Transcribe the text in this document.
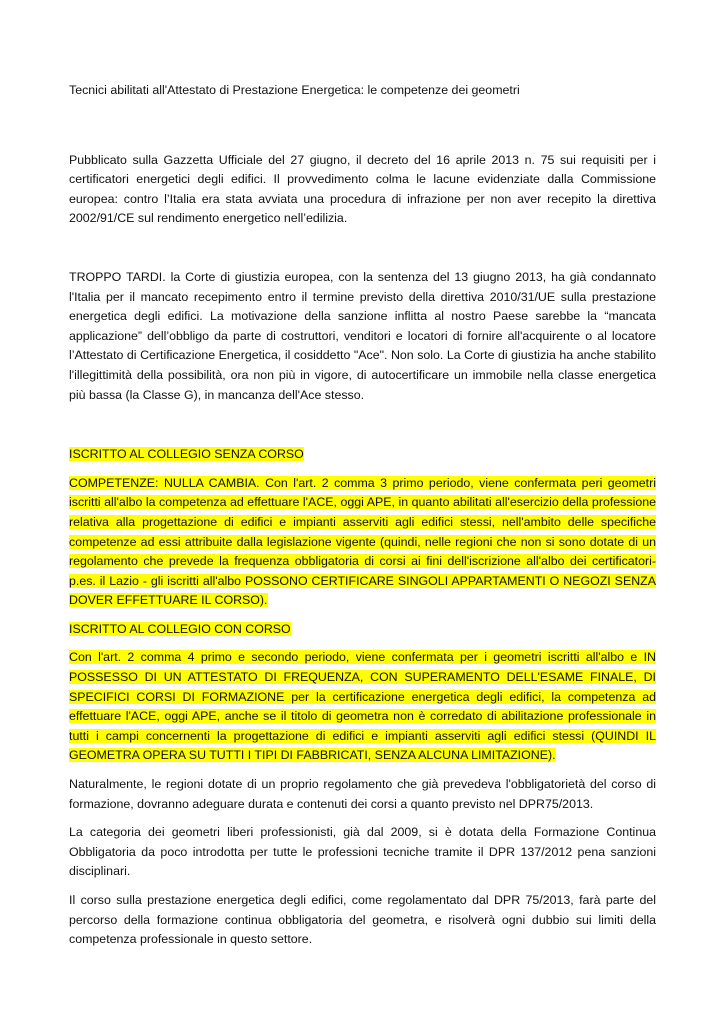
Tecnici abilitati all'Attestato di Prestazione Energetica: le competenze dei geometri

Pubblicato sulla Gazzetta Ufficiale del 27 giugno, il decreto del 16 aprile 2013 n. 75 sui requisiti per i certificatori energetici degli edifici. Il provvedimento colma le lacune evidenziate dalla Commissione europea: contro l’Italia era stata avviata una procedura di infrazione per non aver recepito la direttiva 2002/91/CE sul rendimento energetico nell’edilizia.

TROPPO TARDI. la Corte di giustizia europea, con la sentenza del 13 giugno 2013, ha già condannato l'Italia per il mancato recepimento entro il termine previsto della direttiva 2010/31/UE sulla prestazione energetica degli edifici. La motivazione della sanzione inflitta al nostro Paese sarebbe la “mancata applicazione” dell’obbligo da parte di costruttori, venditori e locatori di fornire all'acquirente o al locatore l’Attestato di Certificazione Energetica, il cosiddetto "Ace". Non solo. La Corte di giustizia ha anche stabilito l'illegittimità della possibilità, ora non più in vigore, di autocertificare un immobile nella classe energetica più bassa (la Classe G), in mancanza dell'Ace stesso.

ISCRITTO AL COLLEGIO SENZA CORSO

COMPETENZE: NULLA CAMBIA. Con l'art. 2 comma 3 primo periodo, viene confermata peri geometri iscritti all'albo la competenza ad effettuare l'ACE, oggi APE, in quanto abilitati all'esercizio della professione relativa alla progettazione di edifici e impianti asserviti agli edifici stessi, nell'ambito delle specifiche competenze ad essi attribuite dalla legislazione vigente (quindi, nelle regioni che non si sono dotate di un regolamento che prevede la frequenza obbligatoria di corsi ai fini dell'iscrizione all'albo dei certificatori-p.es. il Lazio - gli iscritti all'albo POSSONO CERTIFICARE SINGOLI APPARTAMENTI O NEGOZI SENZA DOVER EFFETTUARE IL CORSO).

ISCRITTO AL COLLEGIO CON CORSO

Con l'art. 2 comma 4 primo e secondo periodo, viene confermata per i geometri iscritti all'albo e IN POSSESSO DI UN ATTESTATO DI FREQUENZA, CON SUPERAMENTO DELL'ESAME FINALE, DI SPECIFICI CORSI DI FORMAZIONE per la certificazione energetica degli edifici, la competenza ad effettuare l'ACE, oggi APE, anche se il titolo di geometra non è corredato di abilitazione professionale in tutti i campi concernenti la progettazione di edifici e impianti asserviti agli edifici stessi (QUINDI IL GEOMETRA OPERA SU TUTTI I TIPI DI FABBRICATI, SENZA ALCUNA LIMITAZIONE).

Naturalmente, le regioni dotate di un proprio regolamento che già prevedeva l'obbligatorietà del corso di formazione, dovranno adeguare durata e contenuti dei corsi a quanto previsto nel DPR75/2013.

La categoria dei geometri liberi professionisti, già dal 2009, si è dotata della Formazione Continua Obbligatoria da poco introdotta per tutte le professioni tecniche tramite il DPR 137/2012 pena sanzioni disciplinari.

Il corso sulla prestazione energetica degli edifici, come regolamentato dal DPR 75/2013, farà parte del percorso della formazione continua obbligatoria del geometra, e risolverà ogni dubbio sui limiti della competenza professionale in questo settore.
